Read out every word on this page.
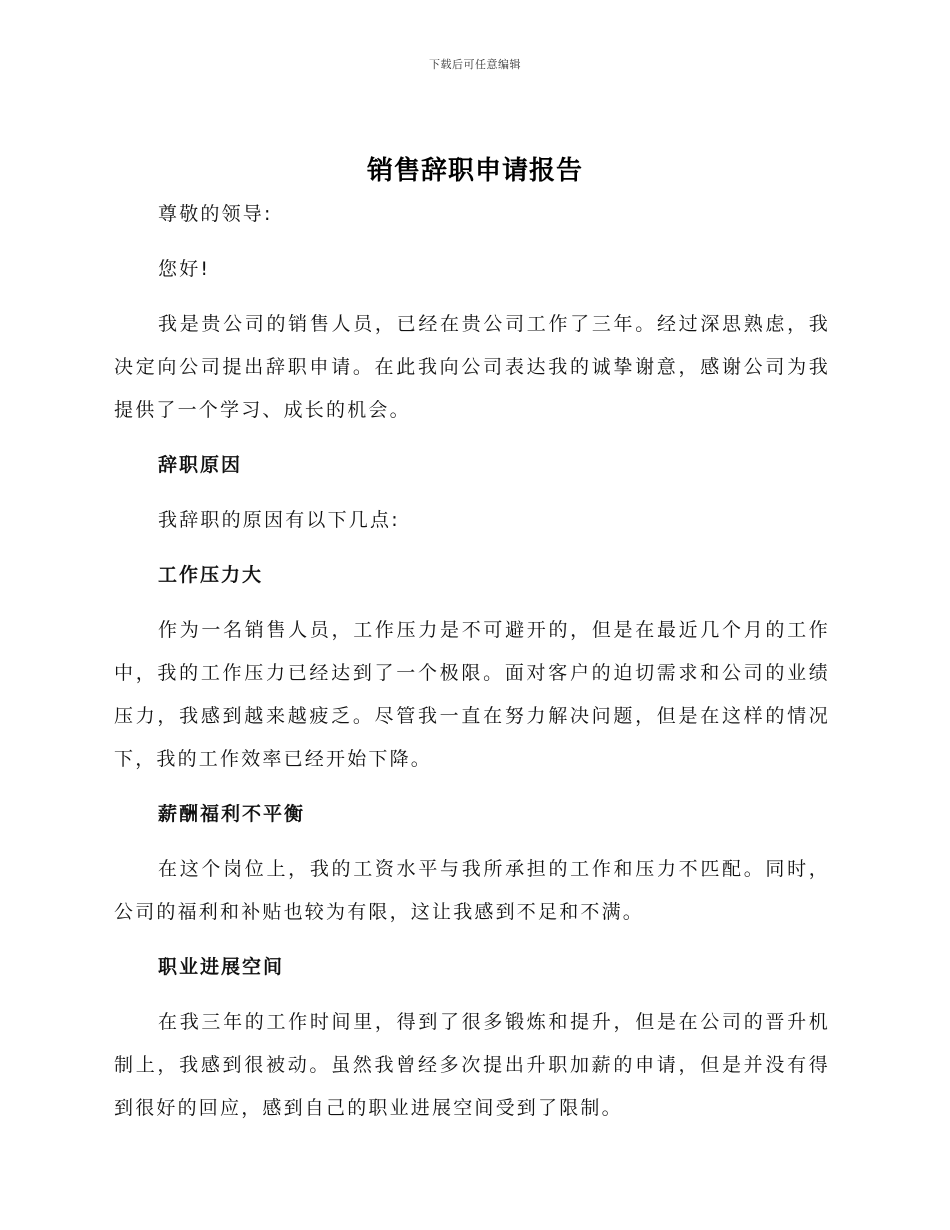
下载后可任意编辑
销售辞职申请报告

尊敬的领导:

您好!

我是贵公司的销售人员，已经在贵公司工作了三年。经过深思熟虑，我决定向公司提出辞职申请。在此我向公司表达我的诚挚谢意，感谢公司为我提供了一个学习、成长的机会。

辞职原因

我辞职的原因有以下几点:

工作压力大

作为一名销售人员，工作压力是不可避开的，但是在最近几个月的工作中，我的工作压力已经达到了一个极限。面对客户的迫切需求和公司的业绩压力，我感到越来越疲乏。尽管我一直在努力解决问题，但是在这样的情况下，我的工作效率已经开始下降。

薪酬福利不平衡

在这个岗位上，我的工资水平与我所承担的工作和压力不匹配。同时，公司的福利和补贴也较为有限，这让我感到不足和不满。

职业进展空间

在我三年的工作时间里，得到了很多锻炼和提升，但是在公司的晋升机制上，我感到很被动。虽然我曾经多次提出升职加薪的申请，但是并没有得到很好的回应，感到自己的职业进展空间受到了限制。
